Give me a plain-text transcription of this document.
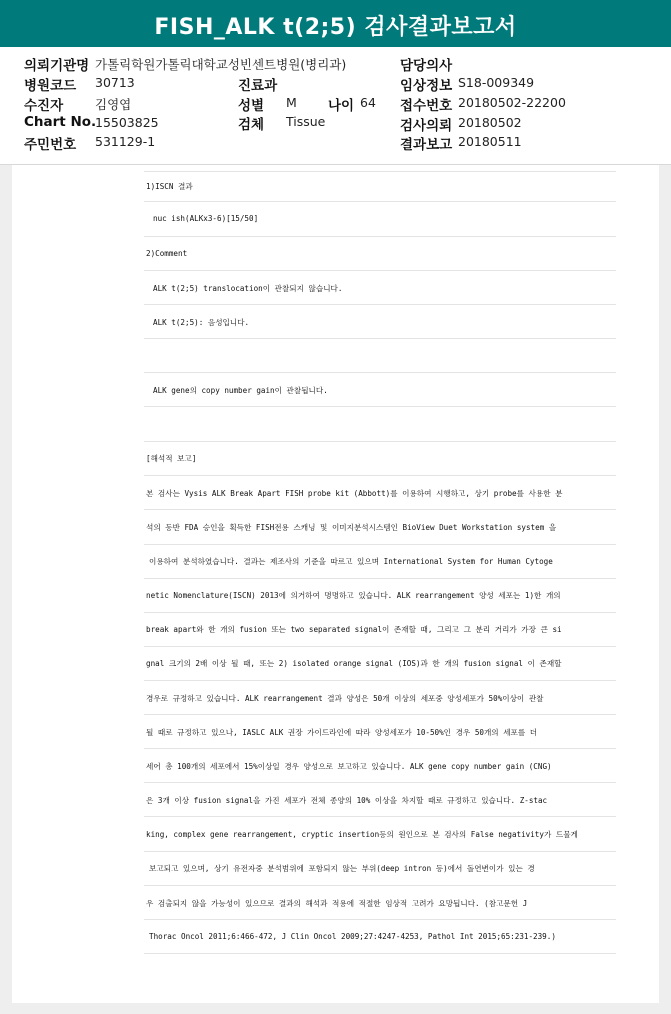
FISH_ALK t(2;5) 검사결과보고서
의뢰기관명 가톨릭학원가톨릭대학교성빈센트병원(병리과)
병원코드 30713
수진자	김영엽
Chart No.
15503825
주민번호 531129-1
진료과
성별 M 나이 64
검체 Tissue
담당의사
임상정보 S18-009349
접수번호 20180502-22200
검사의뢰 20180502
결과보고 20180511
1)ISCN 결과
nuc ish(ALKx3-6)[15/50]
2)Comment
ALK t(2;5) translocation이 관찰되지 않습니다.
ALK t(2;5): 음성입니다.
ALK gene의 copy number gain이 관찰됩니다.
[해석적 보고]
본 검사는 Vysis ALK Break Apart FISH probe kit (Abbott)를 이용하여 시행하고, 상기 probe를 사용한 분
석의 동반 FDA 승인을 획득한 FISH전용 스캐닝 및 이미지분석시스템인 BioView Duet Workstation system 을
이용하여 분석하였습니다. 결과는 제조사의 기준을 따르고 있으며 International System for Human Cytoge
netic Nomenclature(ISCN) 2013에 의거하여 명명하고 있습니다. ALK rearrangement 양성 세포는 1)한 개의
break apart와 한 개의 fusion 또는 two separated signal이 존재할 때, 그리고 그 분리 거리가 가장 큰 si
gnal 크기의 2배 이상 될 때, 또는 2) isolated orange signal (IOS)과 한 개의 fusion signal 이 존재할
경우로 규정하고 있습니다. ALK rearrangement 결과 양성은 50개 이상의 세포중 양성세포가 50%이상이 관찰
될 때로 규정하고 있으나, IASLC ALK 권장 가이드라인에 따라 양성세포가 10-50%인 경우 50개의 세포를 더
세어 총 100개의 세포에서 15%이상일 경우 양성으로 보고하고 있습니다. ALK gene copy number gain (CNG)
은 3개 이상 fusion signal을 가진 세포가 전체 종양의 10% 이상을 차지할 때로 규정하고 있습니다. Z-stac
king, complex gene rearrangement, cryptic insertion등의 원인으로 본 검사의 False negativity가 드물게
보고되고 있으며, 상기 유전자중 분석범위에 포함되지 않는 부위(deep intron 등)에서 돌연변이가 있는 경
우 검출되지 않을 가능성이 있으므로 결과의 해석과 적용에 적절한 임상적 고려가 요망됩니다. (참고문헌 J
Thorac Oncol 2011;6:466-472, J Clin Oncol 2009;27:4247-4253, Pathol Int 2015;65:231-239.)
